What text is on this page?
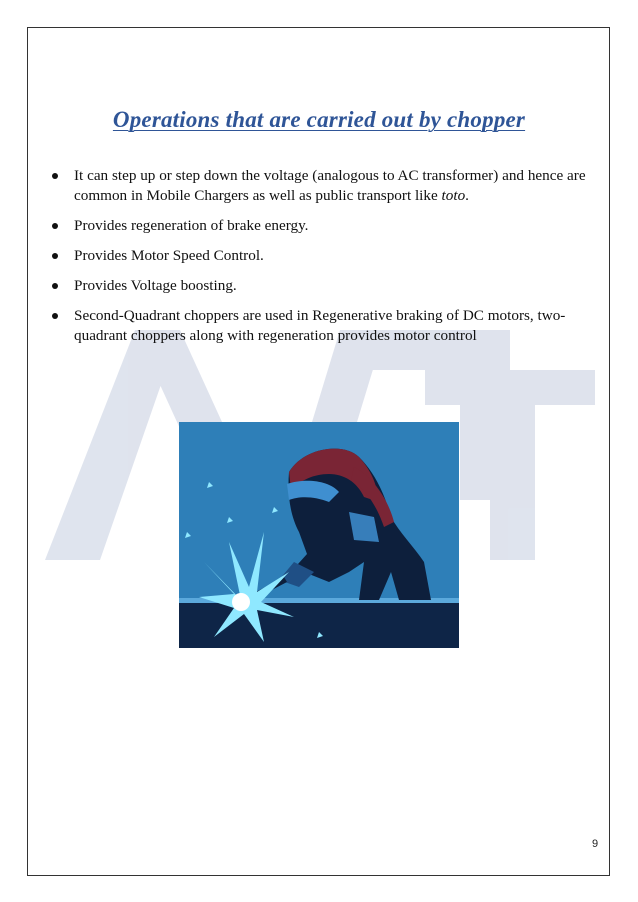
Operations that are carried out by chopper
It can step up or step down the voltage (analogous to AC transformer) and hence are common in Mobile Chargers as well as public transport like toto.
Provides regeneration of brake energy.
Provides Motor Speed Control.
Provides Voltage boosting.
Second-Quadrant choppers are used in Regenerative braking of DC motors, two-quadrant choppers along with regeneration provides motor control
9
